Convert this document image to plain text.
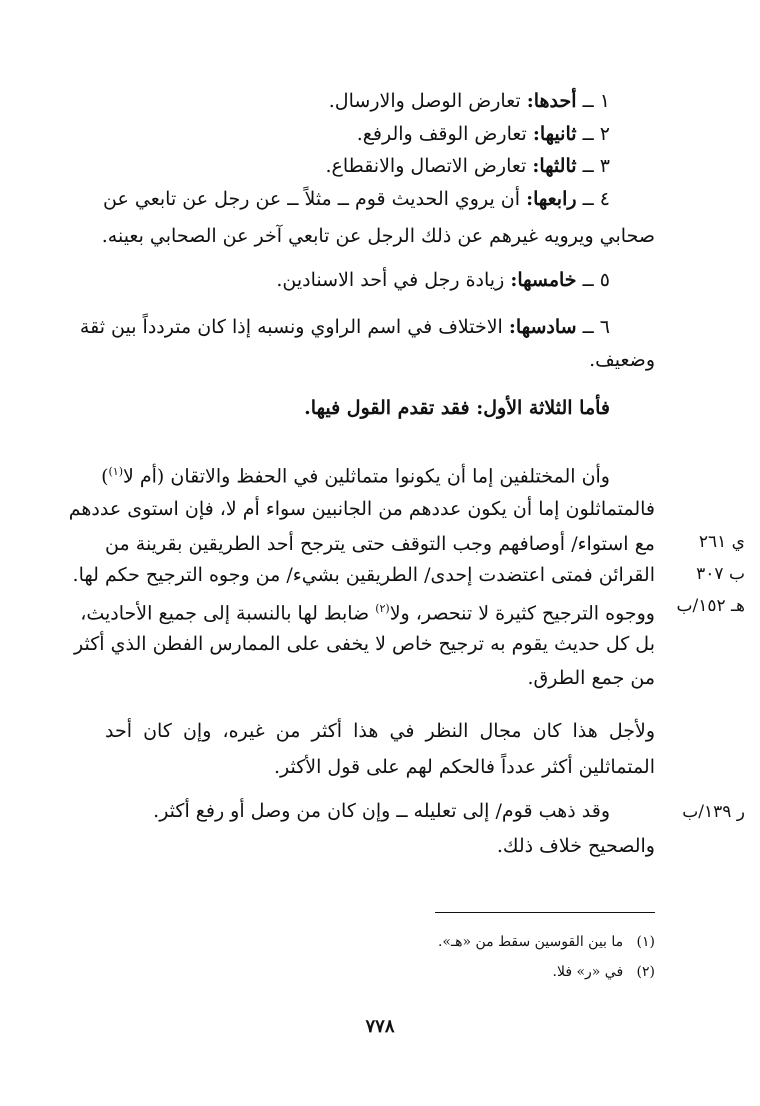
١ ــ أحدها: تعارض الوصل والارسال.
٢ ــ ثانيها: تعارض الوقف والرفع.
٣ ــ ثالثها: تعارض الاتصال والانقطاع.
٤ ــ رابعها: أن يروي الحديث قوم ــ مثلاً ــ عن رجل عن تابعي عن
صحابي ويرويه غيرهم عن ذلك الرجل عن تابعي آخر عن الصحابي بعينه.
٥ ــ خامسها: زيادة رجل في أحد الاسنادين.
٦ ــ سادسها: الاختلاف في اسم الراوي ونسبه إذا كان متردداً بين ثقة
وضعيف.
فأما الثلاثة الأول: فقد تقدم القول فيها.
وأن المختلفين إما أن يكونوا متماثلين في الحفظ والاتقان (أم لا$^{(١)}$)
فالمتماثلون إما أن يكون عددهم من الجانبين سواء أم لا، فإن استوى عددهم
مع استواء/ أوصافهم وجب التوقف حتى يترجح أحد الطريقين بقرينة من
القرائن فمتى اعتضدت إحدى/ الطريقين بشيء/ من وجوه الترجيح حكم لها.
ووجوه الترجيح كثيرة لا تنحصر، ولا$^{(٢)}$ ضابط لها بالنسبة إلى جميع الأحاديث،
بل كل حديث يقوم به ترجيح خاص لا يخفى على الممارس الفطن الذي أكثر
من جمع الطرق.
ولأجل هذا كان مجال النظر في هذا أكثر من غيره، وإن كان أحد
المتماثلين أكثر عدداً فالحكم لهم على قول الأكثر.
وقد ذهب قوم/ إلى تعليله ــ وإن كان من وصل أو رفع أكثر.
والصحيح خلاف ذلك.
ي ٢٦١
ب ٣٠٧
هـ ١٥٢/ب
ر ١٣٩/ب
(١)   ما بين القوسين سقط من «هـ».
(٢)   في «ر» فلا.
٧٧٨
